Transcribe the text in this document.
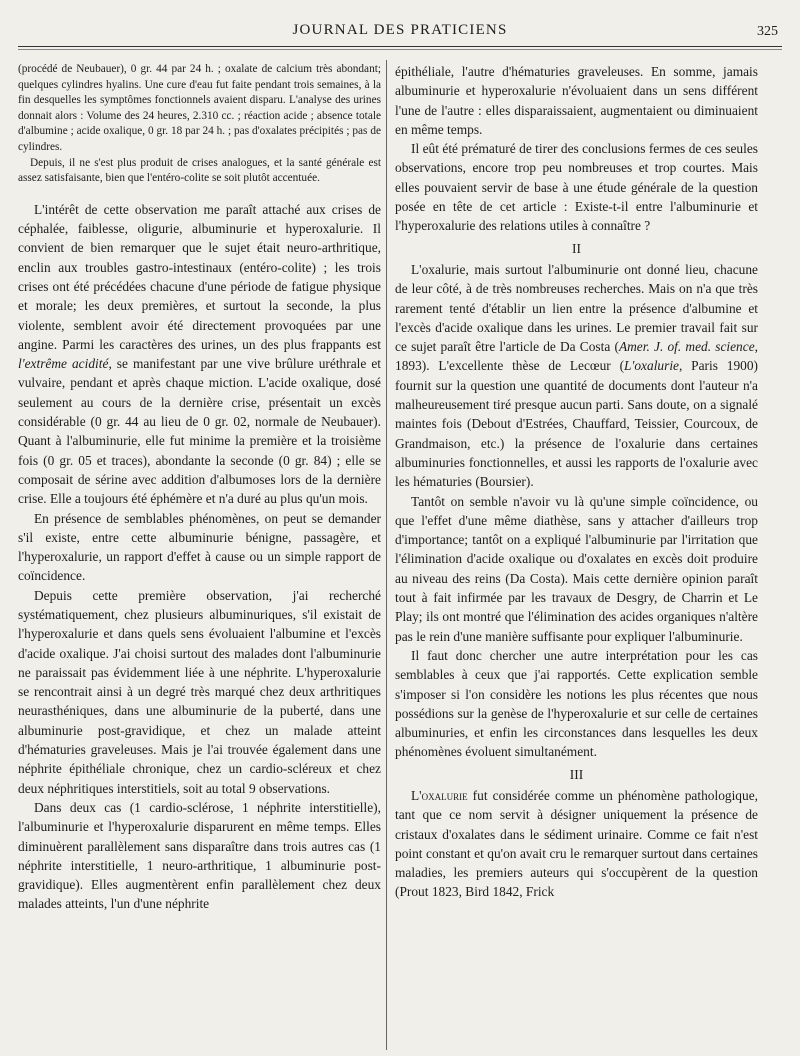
JOURNAL DES PRATICIENS	325

(procédé de Neubauer), 0 gr. 44 par 24 h. ; oxalate de calcium très abondant; quelques cylindres hyalins. Une cure d'eau fut faite pendant trois semaines, à la fin desquelles les symptômes fonctionnels avaient disparu. L'analyse des urines donnait alors : Volume des 24 heures, 2.310 cc. ; réaction acide ; absence totale d'albumine ; acide oxalique, 0 gr. 18 par 24 h. ; pas d'oxalates précipités ; pas de cylindres.

Depuis, il ne s'est plus produit de crises analogues, et la santé générale est assez satisfaisante, bien que l'entéro-colite se soit plutôt accentuée.

L'intérêt de cette observation me paraît attaché aux crises de céphalée, faiblesse, oligurie, albuminurie et hyperoxalurie. Il convient de bien remarquer que le sujet était neuro-arthritique, enclin aux troubles gastro-intestinaux (entéro-colite) ; les trois crises ont été précédées chacune d'une période de fatigue physique et morale; les deux premières, et surtout la seconde, la plus violente, semblent avoir été directement provoquées par une angine. Parmi les caractères des urines, un des plus frappants est l'extrême acidité, se manifestant par une vive brûlure uréthrale et vulvaire, pendant et après chaque miction. L'acide oxalique, dosé seulement au cours de la dernière crise, présentait un excès considérable (0 gr. 44 au lieu de 0 gr. 02, normale de Neubauer). Quant à l'albuminurie, elle fut minime la première et la troisième fois (0 gr. 05 et traces), abondante la seconde (0 gr. 84) ; elle se composait de sérine avec addition d'albumoses lors de la dernière crise. Elle a toujours été éphémère et n'a duré au plus qu'un mois.

En présence de semblables phénomènes, on peut se demander s'il existe, entre cette albuminurie bénigne, passagère, et l'hyperoxalurie, un rapport d'effet à cause ou un simple rapport de coïncidence.

Depuis cette première observation, j'ai recherché systématiquement, chez plusieurs albuminuriques, s'il existait de l'hyperoxalurie et dans quels sens évoluaient l'albumine et l'excès d'acide oxalique. J'ai choisi surtout des malades dont l'albuminurie ne paraissait pas évidemment liée à une néphrite. L'hyperoxalurie se rencontrait ainsi à un degré très marqué chez deux arthritiques neurasthéniques, dans une albuminurie de la puberté, dans une albuminurie post-gravidique, et chez un malade atteint d'hématuries graveleuses. Mais je l'ai trouvée également dans une néphrite épithéliale chronique, chez un cardio-scléreux et chez deux néphritiques interstitiels, soit au total 9 observations.

Dans deux cas (1 cardio-sclérose, 1 néphrite interstitielle), l'albuminurie et l'hyperoxalurie disparurent en même temps. Elles diminuèrent parallèlement sans disparaître dans trois autres cas (1 néphrite interstitielle, 1 neuro-arthritique, 1 albuminurie post-gravidique). Elles augmentèrent enfin parallèlement chez deux malades atteints, l'un d'une néphrite

épithéliale, l'autre d'hématuries graveleuses. En somme, jamais albuminurie et hyperoxalurie n'évoluaient dans un sens différent l'une de l'autre : elles disparaissaient, augmentaient ou diminuaient en même temps.

Il eût été prématuré de tirer des conclusions fermes de ces seules observations, encore trop peu nombreuses et trop courtes. Mais elles pouvaient servir de base à une étude générale de la question posée en tête de cet article : Existe-t-il entre l'albuminurie et l'hyperoxalurie des relations utiles à connaître ?

II

L'oxalurie, mais surtout l'albuminurie ont donné lieu, chacune de leur côté, à de très nombreuses recherches. Mais on n'a que très rarement tenté d'établir un lien entre la présence d'albumine et l'excès d'acide oxalique dans les urines. Le premier travail fait sur ce sujet paraît être l'article de Da Costa (Amer. J. of. med. science, 1893). L'excellente thèse de Lecœur (L'oxalurie, Paris 1900) fournit sur la question une quantité de documents dont l'auteur n'a malheureusement tiré presque aucun parti. Sans doute, on a signalé maintes fois (Debout d'Estrées, Chauffard, Teissier, Courcoux, de Grandmaison, etc.) la présence de l'oxalurie dans certaines albuminuries fonctionnelles, et aussi les rapports de l'oxalurie avec les hématuries (Boursier).

Tantôt on semble n'avoir vu là qu'une simple coïncidence, ou que l'effet d'une même diathèse, sans y attacher d'ailleurs trop d'importance; tantôt on a expliqué l'albuminurie par l'irritation que l'élimination d'acide oxalique ou d'oxalates en excès doit produire au niveau des reins (Da Costa). Mais cette dernière opinion paraît tout à fait infirmée par les travaux de Desgry, de Charrin et Le Play; ils ont montré que l'élimination des acides organiques n'altère pas le rein d'une manière suffisante pour expliquer l'albuminurie.

Il faut donc chercher une autre interprétation pour les cas semblables à ceux que j'ai rapportés. Cette explication semble s'imposer si l'on considère les notions les plus récentes que nous possédions sur la genèse de l'hyperoxalurie et sur celle de certaines albuminuries, et enfin les circonstances dans lesquelles les deux phénomènes évoluent simultanément.

III

L'oxalurie fut considérée comme un phénomène pathologique, tant que ce nom servit à désigner uniquement la présence de cristaux d'oxalates dans le sédiment urinaire. Comme ce fait n'est point constant et qu'on avait cru le remarquer surtout dans certaines maladies, les premiers auteurs qui s'occupèrent de la question (Prout 1823, Bird 1842, Frick
